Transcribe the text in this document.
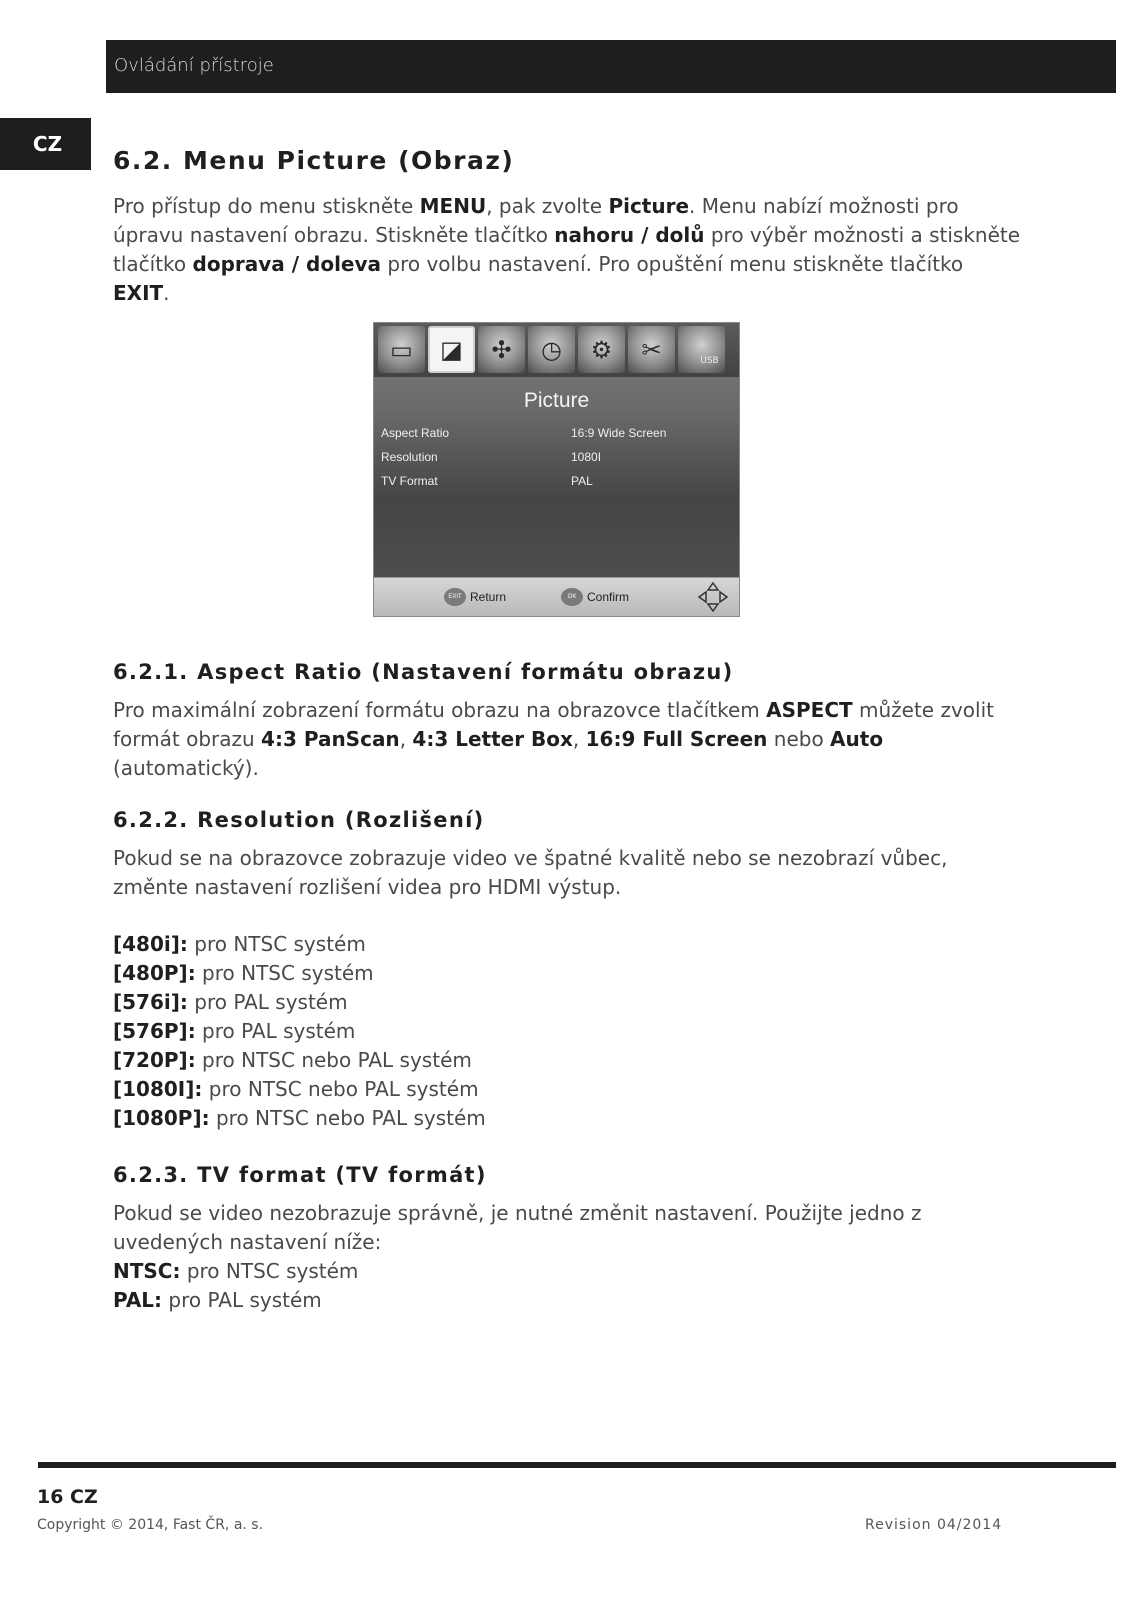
Ovládání přístroje
CZ
6.2. Menu Picture (Obraz)

Pro přístup do menu stiskněte MENU, pak zvolte Picture. Menu nabízí možnosti pro úpravu nastavení obrazu. Stiskněte tlačítko nahoru / dolů pro výběr možnosti a stiskněte tlačítko doprava / doleva pro volbu nastavení. Pro opuštění menu stiskněte tlačítko EXIT.

▭	◪	✣	◷	⚙	✂	USB
Picture
Aspect Ratio	16:9 Wide Screen
Resolution	1080I
TV Format	PAL
EXIT Return	OK Confirm
6.2.1. Aspect Ratio (Nastavení formátu obrazu)

Pro maximální zobrazení formátu obrazu na obrazovce tlačítkem ASPECT můžete zvolit formát obrazu 4:3 PanScan, 4:3 Letter Box, 16:9 Full Screen nebo Auto (automatický).

6.2.2. Resolution (Rozlišení)

Pokud se na obrazovce zobrazuje video ve špatné kvalitě nebo se nezobrazí vůbec, změnte nastavení rozlišení videa pro HDMI výstup.

[480i]: pro NTSC systém

[480P]: pro NTSC systém

[576i]: pro PAL systém

[576P]: pro PAL systém

[720P]: pro NTSC nebo PAL systém

[1080I]: pro NTSC nebo PAL systém

[1080P]: pro NTSC nebo PAL systém

6.2.3. TV format (TV formát)

Pokud se video nezobrazuje správně, je nutné změnit nastavení. Použijte jedno z uvedených nastavení níže:

NTSC: pro NTSC systém

PAL: pro PAL systém

16 CZ
Copyright © 2014, Fast ČR, a. s.	Revision 04/2014
